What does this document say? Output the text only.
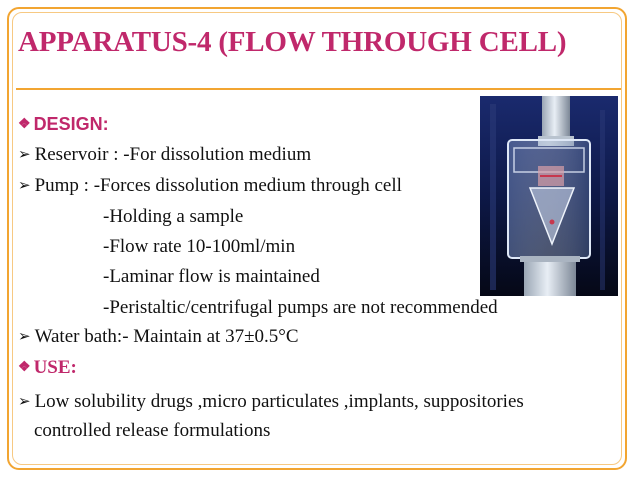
APPARATUS-4 (FLOW THROUGH CELL)
❖ DESIGN:
➢ Reservoir : -For dissolution medium
➢ Pump : -Forces dissolution medium through cell
-Holding a sample
-Flow rate 10-100ml/min
-Laminar flow is maintained
-Peristaltic/centrifugal pumps are not recommended
➢ Water bath:- Maintain at 37±0.5°C
❖ USE:
➢ Low solubility drugs ,micro particulates ,implants, suppositories
controlled release formulations
